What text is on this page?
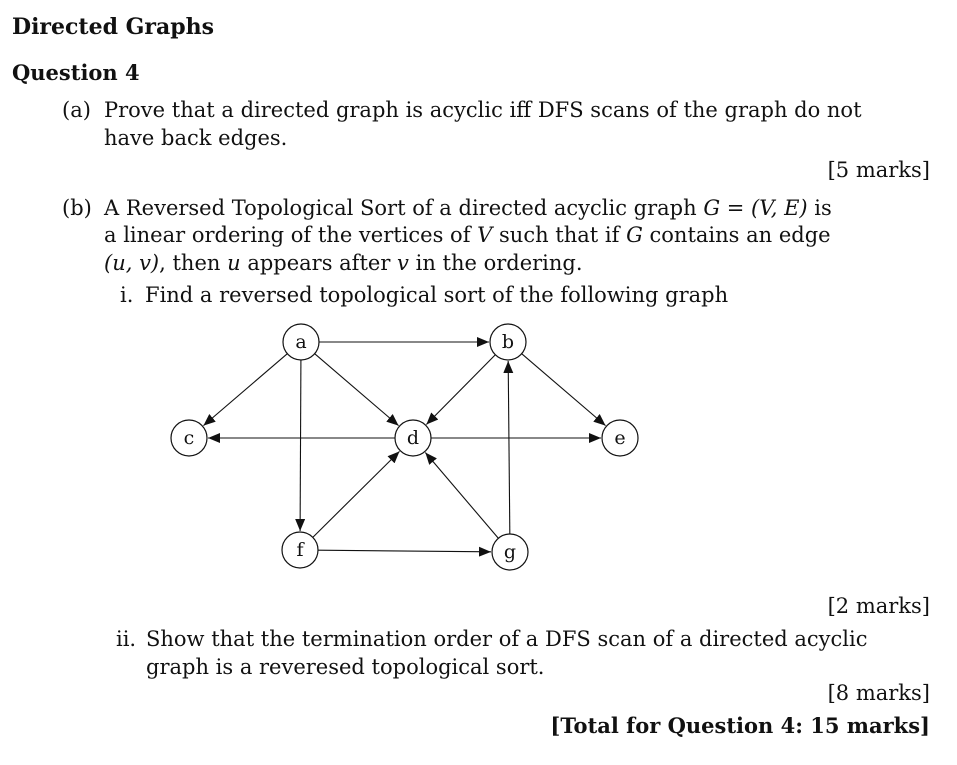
Directed Graphs
Question 4
(a) Prove that a directed graph is acyclic iff DFS scans of the graph do not
have back edges.
[5 marks]
(b) A Reversed Topological Sort of a directed acyclic graph G = (V, E) is
a linear ordering of the vertices of V such that if G contains an edge
(u, v), then u appears after v in the ordering.
i. Find a reversed topological sort of the following graph
a	b
c	d	e
f	g
[2 marks]
ii. Show that the termination order of a DFS scan of a directed acyclic
graph is a reveresed topological sort.
[8 marks]
[Total for Question 4: 15 marks]
